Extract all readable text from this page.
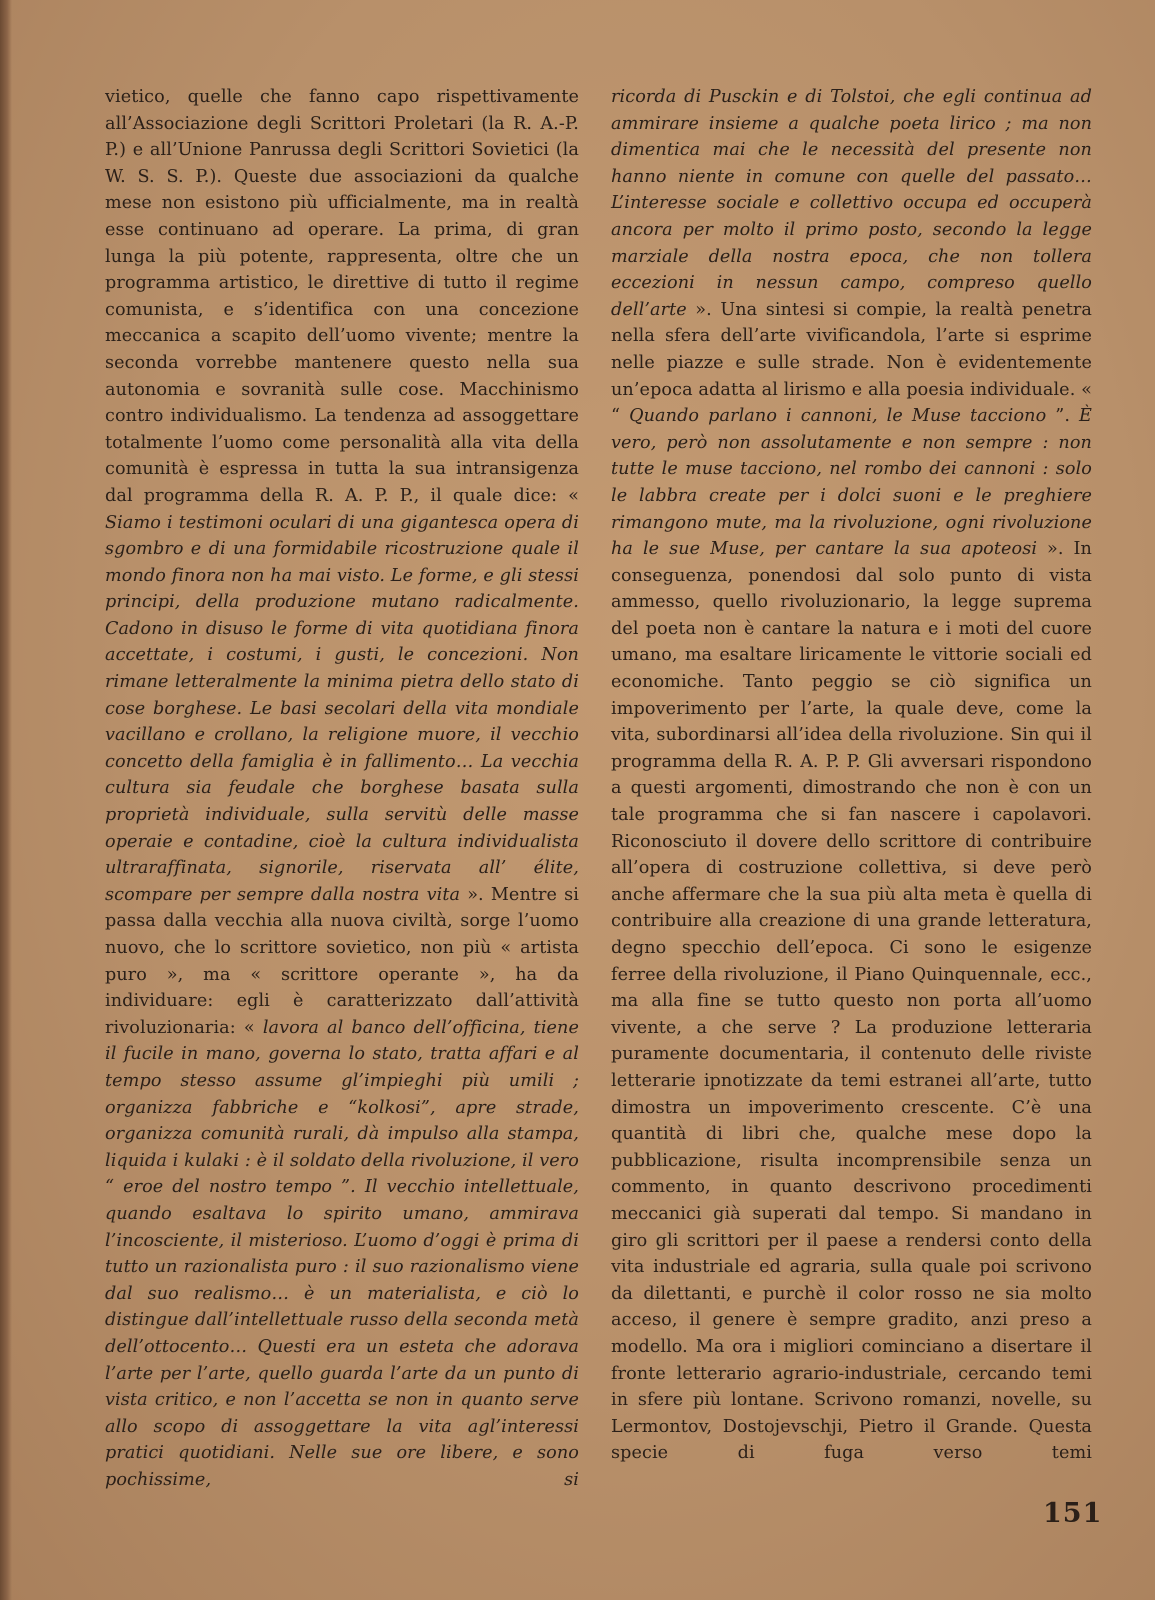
vietico, quelle che fanno capo rispettivamente all’Associazione degli Scrittori Proletari (la R. A.-P. P.) e all’Unione Panrussa degli Scrittori Sovietici (la W. S. S. P.). Queste due associazioni da qualche mese non esistono più ufficialmente, ma in realtà esse continuano ad operare. La prima, di gran lunga la più potente, rappresenta, oltre che un programma artistico, le direttive di tutto il regime comunista, e s’identifica con una concezione meccanica a scapito dell’uomo vivente; mentre la seconda vorrebbe mantenere questo nella sua autonomia e sovranità sulle cose. Macchinismo contro individualismo. La tendenza ad assoggettare totalmente l’uomo come personalità alla vita della comunità è espressa in tutta la sua intransigenza dal programma della R. A. P. P., il quale dice: « Siamo i testimoni oculari di una gigantesca opera di sgombro e di una formidabile ricostruzione quale il mondo finora non ha mai visto. Le forme, e gli stessi principi, della produzione mutano radicalmente. Cadono in disuso le forme di vita quotidiana finora accettate, i costumi, i gusti, le concezioni. Non rimane letteralmente la minima pietra dello stato di cose borghese. Le basi secolari della vita mondiale vacillano e crollano, la religione muore, il vecchio concetto della famiglia è in fallimento… La vecchia cultura sia feudale che borghese basata sulla proprietà individuale, sulla servitù delle masse operaie e contadine, cioè la cultura individualista ultraraffinata, signorile, riservata all’ élite, scompare per sempre dalla nostra vita ». Mentre si passa dalla vecchia alla nuova civiltà, sorge l’uomo nuovo, che lo scrittore sovietico, non più « artista puro », ma « scrittore operante », ha da individuare: egli è caratterizzato dall’attività rivoluzionaria: « lavora al banco dell’officina, tiene il fucile in mano, governa lo stato, tratta affari e al tempo stesso assume gl’impieghi più umili ; organizza fabbriche e “kolkosi”, apre strade, organizza comunità rurali, dà impulso alla stampa, liquida i kulaki : è il soldato della rivoluzione, il vero “ eroe del nostro tempo ”. Il vecchio intellettuale, quando esaltava lo spirito umano, ammirava l’incosciente, il misterioso. L’uomo d’oggi è prima di tutto un razionalista puro : il suo razionalismo viene dal suo realismo… è un materialista, e ciò lo distingue dall’intellettuale russo della seconda metà dell’ottocento… Questi era un esteta che adorava l’arte per l’arte, quello guarda l’arte da un punto di vista critico, e non l’accetta se non in quanto serve allo scopo di assoggettare la vita agl’interessi pratici quotidiani. Nelle sue ore libere, e sono pochissime, si

ricorda di Pusckin e di Tolstoi, che egli continua ad ammirare insieme a qualche poeta lirico ; ma non dimentica mai che le necessità del presente non hanno niente in comune con quelle del passato… L’interesse sociale e collettivo occupa ed occuperà ancora per molto il primo posto, secondo la legge marziale della nostra epoca, che non tollera eccezioni in nessun campo, compreso quello dell’arte ». Una sintesi si compie, la realtà penetra nella sfera dell’arte vivificandola, l’arte si esprime nelle piazze e sulle strade. Non è evidentemente un’epoca adatta al lirismo e alla poesia individuale. « “ Quando parlano i cannoni, le Muse tacciono ”. È vero, però non assolutamente e non sempre : non tutte le muse tacciono, nel rombo dei cannoni : solo le labbra create per i dolci suoni e le preghiere rimangono mute, ma la rivoluzione, ogni rivoluzione ha le sue Muse, per cantare la sua apoteosi ». In conseguenza, ponendosi dal solo punto di vista ammesso, quello rivoluzionario, la legge suprema del poeta non è cantare la natura e i moti del cuore umano, ma esaltare liricamente le vittorie sociali ed economiche. Tanto peggio se ciò significa un impoverimento per l’arte, la quale deve, come la vita, subordinarsi all’idea della rivoluzione. Sin qui il programma della R. A. P. P. Gli avversari rispondono a questi argomenti, dimostrando che non è con un tale programma che si fan nascere i capolavori. Riconosciuto il dovere dello scrittore di contribuire all’opera di costruzione collettiva, si deve però anche affermare che la sua più alta meta è quella di contribuire alla creazione di una grande letteratura, degno specchio dell’epoca. Ci sono le esigenze ferree della rivoluzione, il Piano Quinquennale, ecc., ma alla fine se tutto questo non porta all’uomo vivente, a che serve ? La produzione letteraria puramente documentaria, il contenuto delle riviste letterarie ipnotizzate da temi estranei all’arte, tutto dimostra un impoverimento crescente. C’è una quantità di libri che, qualche mese dopo la pubblicazione, risulta incomprensibile senza un commento, in quanto descrivono procedimenti meccanici già superati dal tempo. Si mandano in giro gli scrittori per il paese a rendersi conto della vita industriale ed agraria, sulla quale poi scrivono da dilettanti, e purchè il color rosso ne sia molto acceso, il genere è sempre gradito, anzi preso a modello. Ma ora i migliori cominciano a disertare il fronte letterario agrario-industriale, cercando temi in sfere più lontane. Scrivono romanzi, novelle, su Lermontov, Dostojevschji, Pietro il Grande. Questa specie di fuga verso temi

151
